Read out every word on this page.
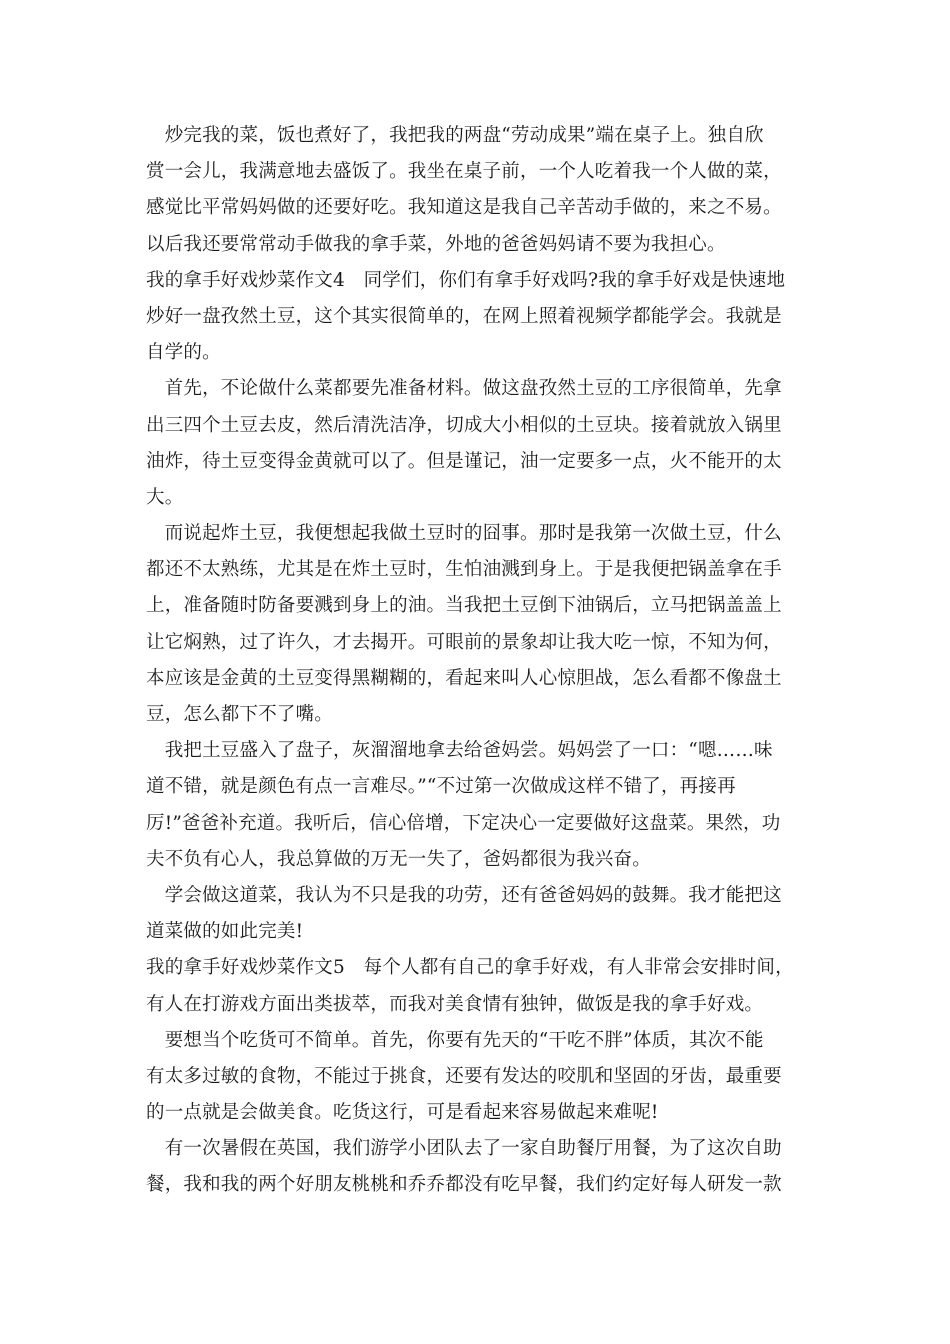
　炒完我的菜，饭也煮好了，我把我的两盘“劳动成果”端在桌子上。独自欣
赏一会儿，我满意地去盛饭了。我坐在桌子前，一个人吃着我一个人做的菜，
感觉比平常妈妈做的还要好吃。我知道这是我自己辛苦动手做的，来之不易。
以后我还要常常动手做我的拿手菜，外地的爸爸妈妈请不要为我担心。
我的拿手好戏炒菜作文4　同学们，你们有拿手好戏吗?我的拿手好戏是快速地
炒好一盘孜然土豆，这个其实很简单的，在网上照着视频学都能学会。我就是
自学的。
　首先，不论做什么菜都要先准备材料。做这盘孜然土豆的工序很简单，先拿
出三四个土豆去皮，然后清洗洁净，切成大小相似的土豆块。接着就放入锅里
油炸，待土豆变得金黄就可以了。但是谨记，油一定要多一点，火不能开的太
大。
　而说起炸土豆，我便想起我做土豆时的囧事。那时是我第一次做土豆，什么
都还不太熟练，尤其是在炸土豆时，生怕油溅到身上。于是我便把锅盖拿在手
上，准备随时防备要溅到身上的油。当我把土豆倒下油锅后，立马把锅盖盖上
让它焖熟，过了许久，才去揭开。可眼前的景象却让我大吃一惊，不知为何，
本应该是金黄的土豆变得黑糊糊的，看起来叫人心惊胆战，怎么看都不像盘土
豆，怎么都下不了嘴。
　我把土豆盛入了盘子，灰溜溜地拿去给爸妈尝。妈妈尝了一口：“嗯……味
道不错，就是颜色有点一言难尽。”“不过第一次做成这样不错了，再接再
厉!”爸爸补充道。我听后，信心倍增，下定决心一定要做好这盘菜。果然，功
夫不负有心人，我总算做的万无一失了，爸妈都很为我兴奋。
　学会做这道菜，我认为不只是我的功劳，还有爸爸妈妈的鼓舞。我才能把这
道菜做的如此完美!
我的拿手好戏炒菜作文5　每个人都有自己的拿手好戏，有人非常会安排时间，
有人在打游戏方面出类拔萃，而我对美食情有独钟，做饭是我的拿手好戏。
　要想当个吃货可不简单。首先，你要有先天的“干吃不胖”体质，其次不能
有太多过敏的食物，不能过于挑食，还要有发达的咬肌和坚固的牙齿，最重要
的一点就是会做美食。吃货这行，可是看起来容易做起来难呢!
　有一次暑假在英国，我们游学小团队去了一家自助餐厅用餐，为了这次自助
餐，我和我的两个好朋友桃桃和乔乔都没有吃早餐，我们约定好每人研发一款
